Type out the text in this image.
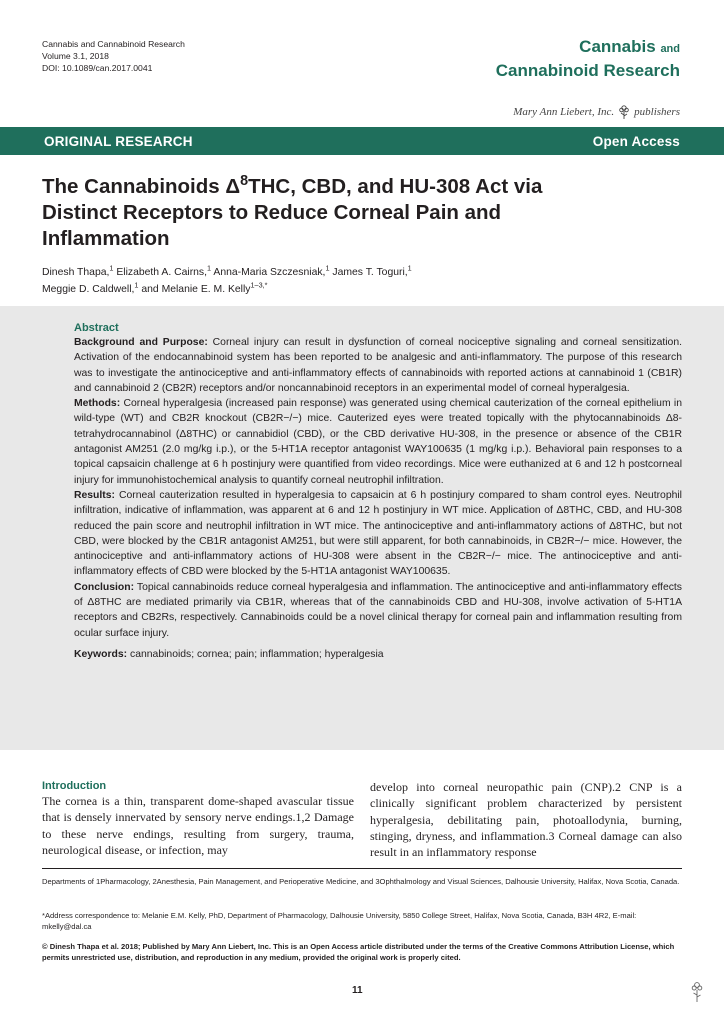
Cannabis and Cannabinoid Research
Volume 3.1, 2018
DOI: 10.1089/can.2017.0041
Cannabis and
Cannabinoid Research
Mary Ann Liebert, Inc. publishers
ORIGINAL RESEARCH	Open Access
The Cannabinoids $\Delta^8THC$, CBD, and HU-308 Act via Distinct Receptors to Reduce Corneal Pain and Inflammation
Dinesh Thapa,$^1$ Elizabeth A. Cairns,$^1$ Anna-Maria Szczesniak,$^1$ James T. Toguri,$^1$
Meggie D. Caldwell,$^1$ and Melanie E. M. Kelly$^{1-3,*}$
Abstract

Background and Purpose: Corneal injury can result in dysfunction of corneal nociceptive signaling and corneal sensitization. Activation of the endocannabinoid system has been reported to be analgesic and anti-inflammatory. The purpose of this research was to investigate the antinociceptive and anti-inflammatory effects of cannabinoids with reported actions at cannabinoid 1 (CB1R) and cannabinoid 2 (CB2R) receptors and/or noncannabinoid receptors in an experimental model of corneal hyperalgesia.

Methods: Corneal hyperalgesia (increased pain response) was generated using chemical cauterization of the corneal epithelium in wild-type (WT) and CB2R knockout (CB2R−/−) mice. Cauterized eyes were treated topically with the phytocannabinoids Δ8-tetrahydrocannabinol (Δ8THC) or cannabidiol (CBD), or the CBD derivative HU-308, in the presence or absence of the CB1R antagonist AM251 (2.0 mg/kg i.p.), or the 5-HT1A receptor antagonist WAY100635 (1 mg/kg i.p.). Behavioral pain responses to a topical capsaicin challenge at 6 h postinjury were quantified from video recordings. Mice were euthanized at 6 and 12 h postcorneal injury for immunohistochemical analysis to quantify corneal neutrophil infiltration.

Results: Corneal cauterization resulted in hyperalgesia to capsaicin at 6 h postinjury compared to sham control eyes. Neutrophil infiltration, indicative of inflammation, was apparent at 6 and 12 h postinjury in WT mice. Application of Δ8THC, CBD, and HU-308 reduced the pain score and neutrophil infiltration in WT mice. The antinociceptive and anti-inflammatory actions of Δ8THC, but not CBD, were blocked by the CB1R antagonist AM251, but were still apparent, for both cannabinoids, in CB2R−/− mice. However, the antinociceptive and anti-inflammatory actions of HU-308 were absent in the CB2R−/− mice. The antinociceptive and anti-inflammatory effects of CBD were blocked by the 5-HT1A antagonist WAY100635.

Conclusion: Topical cannabinoids reduce corneal hyperalgesia and inflammation. The antinociceptive and anti-inflammatory effects of Δ8THC are mediated primarily via CB1R, whereas that of the cannabinoids CBD and HU-308, involve activation of 5-HT1A receptors and CB2Rs, respectively. Cannabinoids could be a novel clinical therapy for corneal pain and inflammation resulting from ocular surface injury.

Keywords: cannabinoids; cornea; pain; inflammation; hyperalgesia

Introduction
The cornea is a thin, transparent dome-shaped avascular tissue that is densely innervated by sensory nerve endings.1,2 Damage to these nerve endings, resulting from surgery, trauma, neurological disease, or infection, may
develop into corneal neuropathic pain (CNP).2 CNP is a clinically significant problem characterized by persistent hyperalgesia, debilitating pain, photoallodynia, burning, stinging, dryness, and inflammation.3 Corneal damage can also result in an inflammatory response
Departments of 1Pharmacology, 2Anesthesia, Pain Management, and Perioperative Medicine, and 3Ophthalmology and Visual Sciences, Dalhousie University, Halifax, Nova Scotia, Canada.
*Address correspondence to: Melanie E.M. Kelly, PhD, Department of Pharmacology, Dalhousie University, 5850 College Street, Halifax, Nova Scotia, Canada, B3H 4R2, E-mail: mkelly@dal.ca
© Dinesh Thapa et al. 2018; Published by Mary Ann Liebert, Inc. This is an Open Access article distributed under the terms of the Creative Commons Attribution License, which permits unrestricted use, distribution, and reproduction in any medium, provided the original work is properly cited.
11
